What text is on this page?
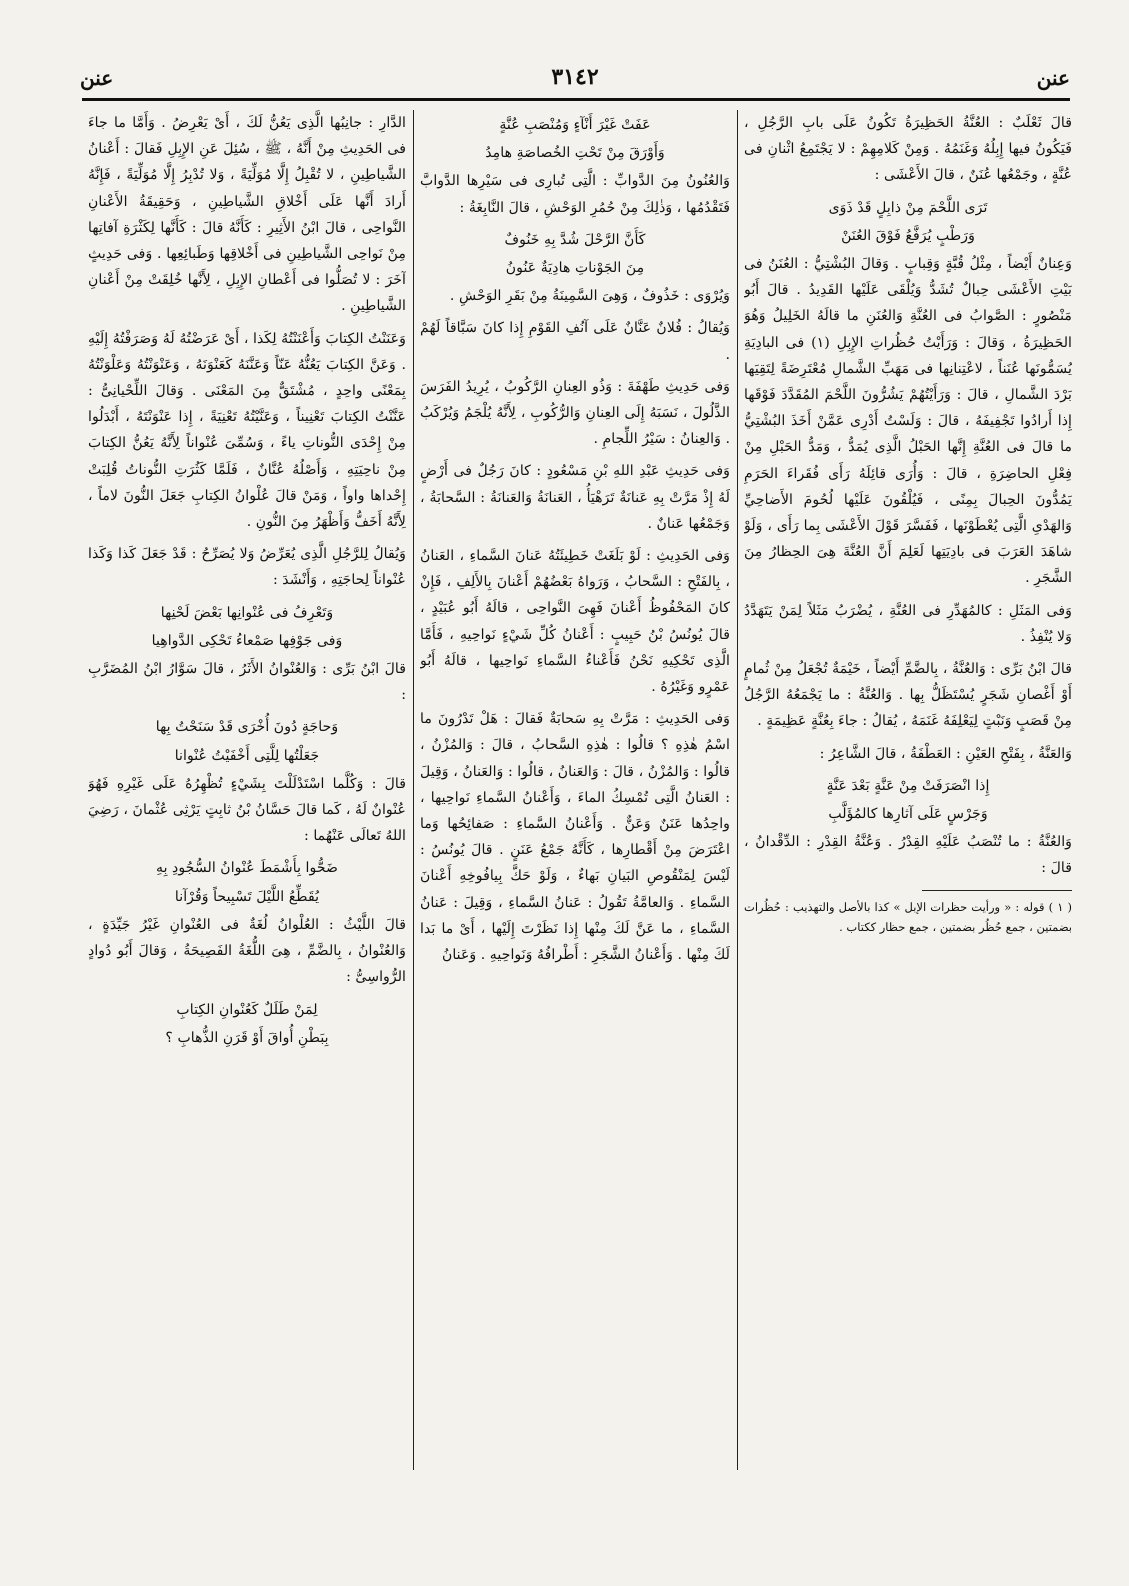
عنن
٣١٤٢
عنن

قالَ ثَعْلَبٌ : العُنَّةُ الحَظِيرَةُ تَكُونُ عَلَى بابِ الرَّجُلِ ، فَيَكُونُ فيها إِبِلُهُ وَغَنَمُهُ . وَمِنْ كَلامِهِمْ : لا يَجْتَمِعُ اثْنانِ فى عُنَّةٍ ، وجَمْعُها عُنَنٌ ، قالَ الأَعْشَى :

تَرَى اللَّحْمَ مِنْ ذابِلٍ قَدْ ذَوَى

وَرَطْبٍ يُرَفَّعُ فَوْقَ العُنَنْ

وَعِنانٌ أَيْضاً ، مِثْلُ قُبَّةٍ وَقِبابٍ . وَقالَ البُشْتِيُّ : العُنَنُ فى بَيْتِ الأَعْشَى حِبالٌ تُشَدُّ وَيُلْقَى عَلَيْها القَدِيدُ . قالَ أَبُو مَنْصُورٍ : الصَّوابُ فى العُنَّةِ وَالعُنَنِ ما قالَهُ الخَلِيلُ وَهُوَ الحَظِيرَةُ ، وَقالَ : وَرَأَيْتُ حُظُراتِ الإِبِلِ (١) فى البادِيَةِ يُسَمُّونَها عُنَناً ، لاعْتِنانِها فى مَهَبِّ الشَّمالِ مُعْتَرِضَةً لِتَقِيَها بَرْدَ الشَّمالِ ، قالَ : وَرَأَيْتُهُمْ يَشُرُّونَ اللَّحْمَ المُقَدَّدَ فَوْقَها إِذا أَرادُوا تَجْفِيفَهُ ، قالَ : وَلَسْتُ أَدْرِى عَمَّنْ أَخَذَ البُشْتِيُّ ما قالَ فى العُنَّةِ إِنَّها الحَبْلُ الَّذِى يُمَدُّ ، وَمَدُّ الحَبْلِ مِنْ فِعْلِ الحاضِرَةِ ، قالَ : وَأُرَى قائِلَهُ رَأَى فُقَراءَ الحَرَمِ يَمُدُّونَ الحِبالَ بِمِنًى ، فَيُلْقُونَ عَلَيْها لُحُومَ الأَضاحِيِّ وَالهَدْىِ الَّتِى يُعْطَوْنَها ، فَفَسَّرَ قَوْلَ الأَعْشَى بِما رَأَى ، وَلَوْ شاهَدَ العَرَبَ فى بادِيَتِها لَعَلِمَ أَنَّ العُنَّةَ هِىَ الحِظارُ مِنَ الشَّجَرِ .

وَفى المَثَلِ : كالمُهَدِّرِ فى العُنَّةِ ، يُضْرَبُ مَثَلاً لِمَنْ يَتَهَدَّدُ وَلا يُنْفِذُ .

قالَ ابْنُ بَرِّى : وَالعُنَّةُ ، بِالضَّمِّ أَيْضاً ، خَيْمَةٌ تُجْعَلُ مِنْ ثُمامٍ أَوْ أَغْصانِ شَجَرٍ يُسْتَظَلُّ بِها . وَالعُنَّةُ : ما يَجْمَعُهُ الرَّجُلُ مِنْ قَصَبٍ وَنَبْتٍ لِيَعْلِفَهُ غَنَمَهُ ، يُقالُ : جاءَ بِعُنَّةٍ عَظِيمَةٍ .

وَالعَنَّةُ ، بِفَتْحِ العَيْنِ : العَطْفَةُ ، قالَ الشَّاعِرُ :

إِذا انْصَرَفَتْ مِنْ عَنَّةٍ بَعْدَ عَنَّةٍ

وَجَرْسٍ عَلَى آثارِها كالمُؤَلَّبِ

وَالعُنَّةُ : ما تُنْصَبُ عَلَيْهِ القِدْرُ . وَعُنَّةُ القِدْرِ : الدِّقْدانُ ، قالَ :

( ١ ) قوله : « ورأيت حظرات الإبل » كذا بالأصل والتهذيب : حُظُرات بضمتين ، جمع حُظُر بضمتين ، جمع حظار ككتاب .

عَفَتْ غَيْرَ أَنْآءٍ وَمُنْصَبِ عُنَّةٍ

وَأَوْرَقَ مِنْ تَحْتِ الخُصاصَةِ هامِدُ

وَالعُنُونُ مِنَ الدَّوابِّ : الَّتِى تُبارِى فى سَيْرِها الدَّوابَّ فَتَقْدُمُها ، وَذٰلِكَ مِنْ حُمُرِ الوَحْشِ ، قالَ النَّابِغَةُ :

كَأَنَّ الرَّحْلَ شُدَّ بِهِ خَنُوفٌ

مِنَ الجَوْناتِ هادِيَةٌ عَنُونُ

وَيُرْوَى : خَذُوفٌ ، وَهِىَ السَّمِينَةُ مِنْ بَقَرِ الوَحْشِ .

وَيُقالُ : فُلانٌ عَنَّانٌ عَلَى آنُفِ القَوْمِ إِذا كانَ سَبَّاقاً لَهُمْ .

وَفى حَدِيثِ طَهْفَةَ : وَذُو العِنانِ الرَّكُوبُ ، يُرِيدُ الفَرَسَ الذَّلُولَ ، نَسَبَهُ إِلَى العِنانِ وَالرُّكُوبِ ، لِأَنَّهُ يُلْجَمُ وَيُرْكَبُ . وَالعِنانُ : سَيْرُ اللِّجامِ .

وَفى حَدِيثِ عَبْدِ اللهِ بْنِ مَسْعُودٍ : كانَ رَجُلٌ فى أَرْضٍ لَهُ إِذْ مَرَّتْ بِهِ عَنانَةٌ تَرَهْيَأُ ، العَنانَةُ وَالعَنانَةُ : السَّحابَةُ ، وَجَمْعُها عَنانٌ .

وَفى الحَدِيثِ : لَوْ بَلَغَتْ خَطِيئَتُهُ عَنانَ السَّماءِ ، العَنانُ ، بِالفَتْحِ : السَّحابُ ، وَرَواهُ بَعْضُهُمْ أَعْنانَ بِالأَلِفِ ، فَإِنْ كانَ المَحْفُوظُ أَعْنانَ فَهِىَ النَّواحِى ، قالَهُ أَبُو عُبَيْدٍ ، قالَ يُونُسُ بْنُ حَبِيبٍ : أَعْنانُ كُلِّ شَيْءٍ نَواحِيهِ ، فَأَمَّا الَّذِى تَحْكِيهِ نَحْنُ فَأَعْناءُ السَّماءِ نَواحِيها ، قالَهُ أَبُو عَمْرٍو وَغَيْرُهُ .

وَفى الحَدِيثِ : مَرَّتْ بِهِ سَحابَةٌ فَقالَ : هَلْ تَدْرُونَ ما اسْمُ هٰذِهِ ؟ قالُوا : هٰذِهِ السَّحابُ ، قالَ : وَالمُزْنُ ، قالُوا : وَالمُزْنُ ، قالَ : وَالعَنانُ ، قالُوا : وَالعَنانُ ، وَقِيلَ : العَنانُ الَّتِى تُمْسِكُ الماءَ ، وَأَعْنانُ السَّماءِ نَواحِيها ، واحِدُها عَنَنٌ وَعَنٌّ . وَأَعْنانُ السَّماءِ : صَفائِحُها وَما اعْتَرَضَ مِنْ أَقْطارِها ، كَأَنَّهُ جَمْعُ عَنَنٍ . قالَ يُونُسُ : لَيْسَ لِمَنْقُوصِ البَيانِ بَهاءٌ ، وَلَوْ حَكَّ بِيافُوخِهِ أَعْنانَ السَّماءِ . وَالعامَّةُ تَقُولُ : عَنانُ السَّماءِ ، وَقِيلَ : عَنانُ السَّماءِ ، ما عَنَّ لَكَ مِنْها إِذا نَظَرْتَ إِلَيْها ، أَىْ ما بَدا لَكَ مِنْها . وَأَعْنانُ الشَّجَرِ : أَطْرافُهُ وَنَواحِيهِ . وَعَنانُ

الدَّارِ : جانِبُها الَّذِى يَعُنُّ لَكَ ، أَىْ يَعْرِضُ . وَأَمَّا ما جاءَ فى الحَدِيثِ مِنْ أَنَّهُ ، ﷺ ، سُئِلَ عَنِ الإِبِلِ فَقالَ : أَعْنانُ الشَّياطِينِ ، لا تُقْبِلُ إِلَّا مُوَلِّيَةً ، وَلا تُدْبِرُ إِلَّا مُوَلِّيَةً ، فَإِنَّهُ أَرادَ أَنَّها عَلَى أَخْلاقِ الشَّياطِينِ ، وَحَقِيقَةُ الأَعْنانِ النَّواحِى ، قالَ ابْنُ الأَثِيرِ : كَأَنَّهُ قالَ : كَأَنَّها لِكَثْرَةِ آفاتِها مِنْ نَواحِى الشَّياطِينِ فى أَخْلاقِها وَطَبائِعِها . وَفى حَدِيثٍ آخَرَ : لا تُصَلُّوا فى أَعْطانِ الإِبِلِ ، لِأَنَّها خُلِقَتْ مِنْ أَعْنانِ الشَّياطِينِ .

وَعَنَنْتُ الكِتابَ وَأَعْنَنْتُهُ لِكَذا ، أَىْ عَرَضْتُهُ لَهُ وَصَرَفْتُهُ إِلَيْهِ . وَعَنَّ الكِتابَ يَعُنُّهُ عَنّاً وَعَنَّنَهُ كَعَنْوَنَهُ ، وَعَنْوَنْتُهُ وَعَلْوَنْتُهُ بِمَعْنًى واحِدٍ ، مُشْتَقٌّ مِنَ المَعْنَى . وَقالَ اللِّحْيانِىُّ : عَنَّنْتُ الكِتابَ تَعْنِيناً ، وَعَنَّيْتُهُ تَعْنِيَةً ، إِذا عَنْوَنْتَهُ ، أَبْدَلُوا مِنْ إِحْدَى النُّوناتِ ياءً ، وَسُمِّىَ عُنْواناً لِأَنَّهُ يَعُنُّ الكِتابَ مِنْ ناحِيَتِهِ ، وَأَصْلُهُ عُنَّانٌ ، فَلَمَّا كَثُرَتِ النُّوناتُ قُلِبَتْ إِحْداها واواً ، وَمَنْ قالَ عُلْوانُ الكِتابِ جَعَلَ النُّونَ لاماً ، لِأَنَّهُ أَخَفُّ وَأَظْهَرُ مِنَ النُّونِ .

وَيُقالُ لِلرَّجُلِ الَّذِى يُعَرِّضُ وَلا يُصَرِّحُ : قَدْ جَعَلَ كَذا وَكَذا عُنْواناً لِحاجَتِهِ ، وَأَنْشَدَ :

وَتَعْرِفُ فى عُنْوانِها بَعْضَ لَحْنِها

وَفى جَوْفِها صَمْعاءُ تَحْكِى الدَّواهِيا

قالَ ابْنُ بَرِّى : وَالعُنْوانُ الأَثَرُ ، قالَ سَوَّارُ ابْنُ المُضَرَّبِ :

وَحاجَةٍ دُونَ أُخْرَى قَدْ سَنَحْتُ بِها

جَعَلْتُها لِلَّتِى أَخْفَيْتُ عُنْوانا

قالَ : وَكُلَّما اسْتَدْلَلْتَ بِشَيْءٍ تُظْهِرُهُ عَلَى غَيْرِهِ فَهُوَ عُنْوانٌ لَهُ ، كَما قالَ حَسَّانُ بْنُ ثابِتٍ يَرْثِى عُثْمانَ ، رَضِيَ اللهُ تَعالَى عَنْهُما :

ضَحُّوا بِأَشْمَطَ عُنْوانُ السُّجُودِ بِهِ

يُقَطِّعُ اللَّيْلَ تَسْبِيحاً وَقُرْآنا

قالَ اللَّيْثُ : العُلْوانُ لُغَةٌ فى العُنْوانِ غَيْرُ جَيِّدَةٍ ، وَالعُنْوانُ ، بِالضَّمِّ ، هِىَ اللُّغَةُ الفَصِيحَةُ ، وَقالَ أَبُو دُوادٍ الرُّواسِىُّ :

لِمَنْ طَلَلٌ كَعُنْوانِ الكِتابِ

بِبَطْنِ أُواقَ أَوْ قَرَنِ الذُّهابِ ؟
